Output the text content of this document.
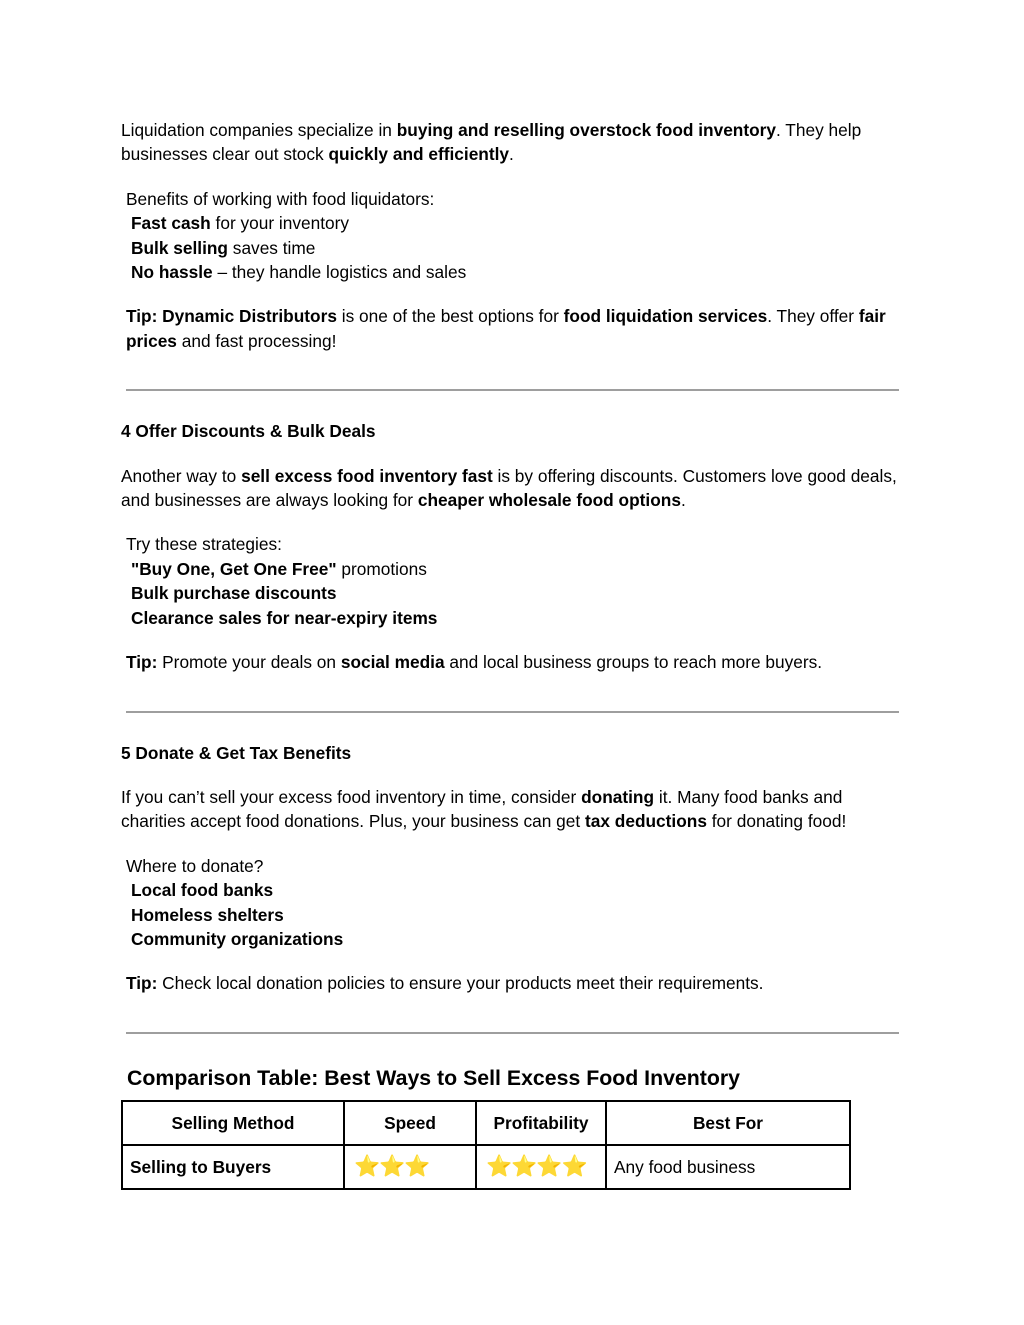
Liquidation companies specialize in buying and reselling overstock food inventory. They help businesses clear out stock quickly and efficiently.

Benefits of working with food liquidators:

Fast cash for your inventory

Bulk selling saves time

No hassle – they handle logistics and sales

Tip: Dynamic Distributors is one of the best options for food liquidation services. They offer fair prices and fast processing!

4 Offer Discounts & Bulk Deals

Another way to sell excess food inventory fast is by offering discounts. Customers love good deals, and businesses are always looking for cheaper wholesale food options.

Try these strategies:

"Buy One, Get One Free" promotions

Bulk purchase discounts

Clearance sales for near-expiry items

Tip: Promote your deals on social media and local business groups to reach more buyers.

5 Donate & Get Tax Benefits

If you can’t sell your excess food inventory in time, consider donating it. Many food banks and charities accept food donations. Plus, your business can get tax deductions for donating food!

Where to donate?

Local food banks

Homeless shelters

Community organizations

Tip: Check local donation policies to ensure your products meet their requirements.

Comparison Table: Best Ways to Sell Excess Food Inventory

Selling Method	Speed	Profitability	Best For
Selling to Buyers	⭐⭐⭐	⭐⭐⭐⭐	Any food business
